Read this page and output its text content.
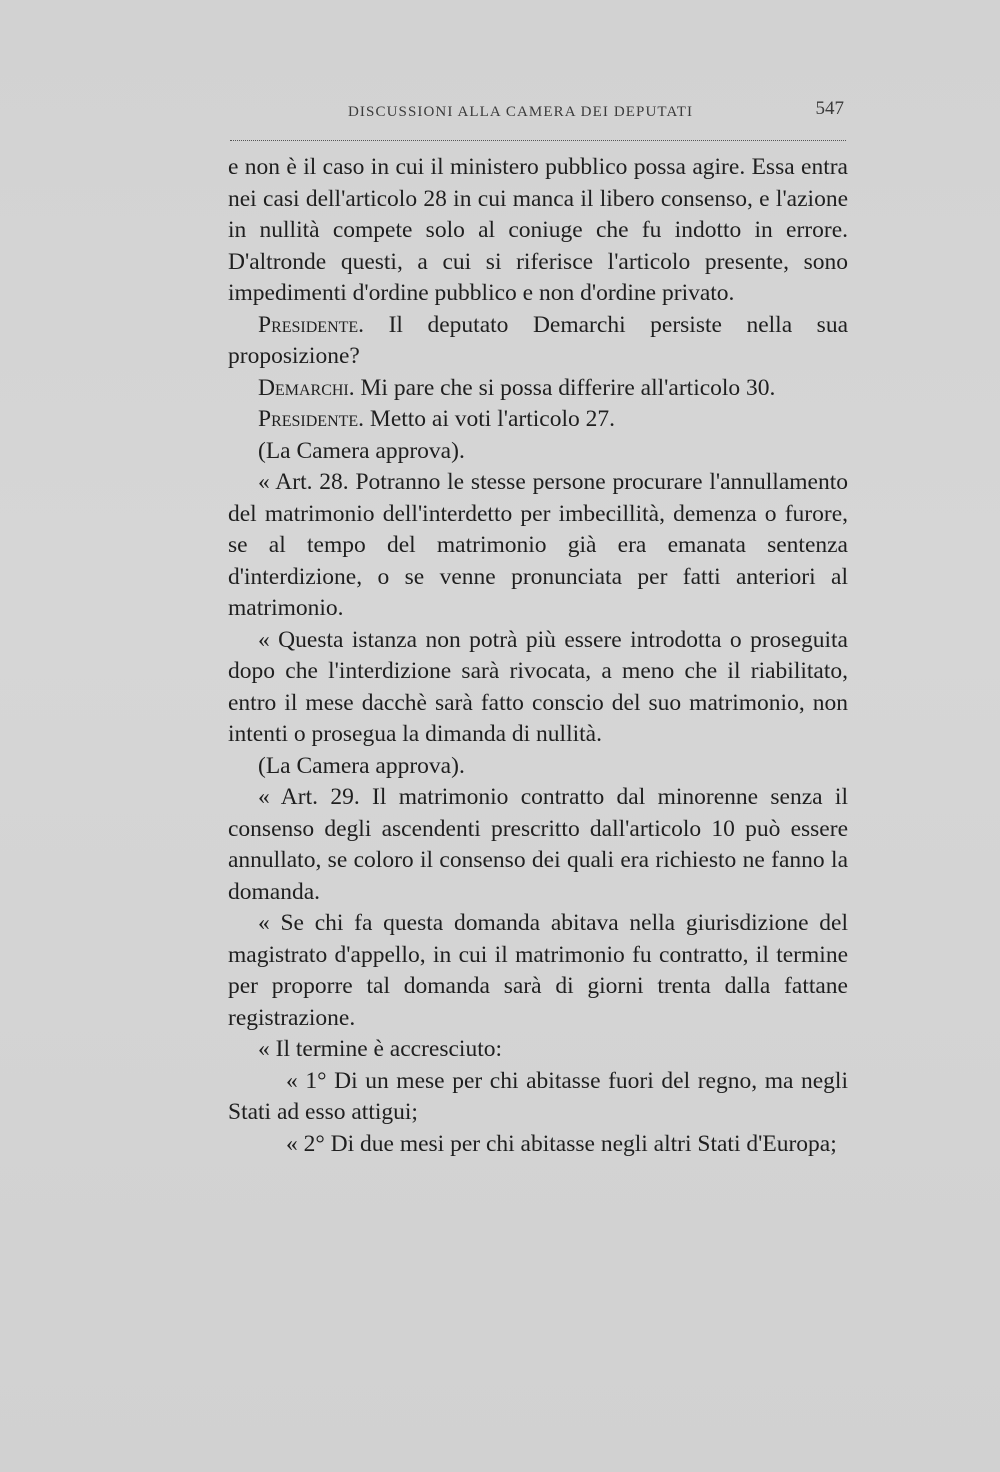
DISCUSSIONI ALLA CAMERA DEI DEPUTATI	547

e non è il caso in cui il ministero pubblico possa agire. Essa entra nei casi dell'articolo 28 in cui manca il libero consenso, e l'azione in nullità compete solo al coniuge che fu indotto in errore. D'altronde questi, a cui si riferisce l'articolo presente, sono impedimenti d'ordine pubblico e non d'ordine privato.

Presidente. Il deputato Demarchi persiste nella sua proposizione?

Demarchi. Mi pare che si possa differire all'articolo 30.

Presidente. Metto ai voti l'articolo 27.

(La Camera approva).

« Art. 28. Potranno le stesse persone procurare l'annullamento del matrimonio dell'interdetto per imbecillità, demenza o furore, se al tempo del matrimonio già era emanata sentenza d'interdizione, o se venne pronunciata per fatti anteriori al matrimonio.

« Questa istanza non potrà più essere introdotta o proseguita dopo che l'interdizione sarà rivocata, a meno che il riabilitato, entro il mese dacchè sarà fatto conscio del suo matrimonio, non intenti o prosegua la dimanda di nullità.

(La Camera approva).

« Art. 29. Il matrimonio contratto dal minorenne senza il consenso degli ascendenti prescritto dall'articolo 10 può essere annullato, se coloro il consenso dei quali era richiesto ne fanno la domanda.

« Se chi fa questa domanda abitava nella giurisdizione del magistrato d'appello, in cui il matrimonio fu contratto, il termine per proporre tal domanda sarà di giorni trenta dalla fattane registrazione.

« Il termine è accresciuto:

« 1° Di un mese per chi abitasse fuori del regno, ma negli Stati ad esso attigui;

« 2° Di due mesi per chi abitasse negli altri Stati d'Europa;
